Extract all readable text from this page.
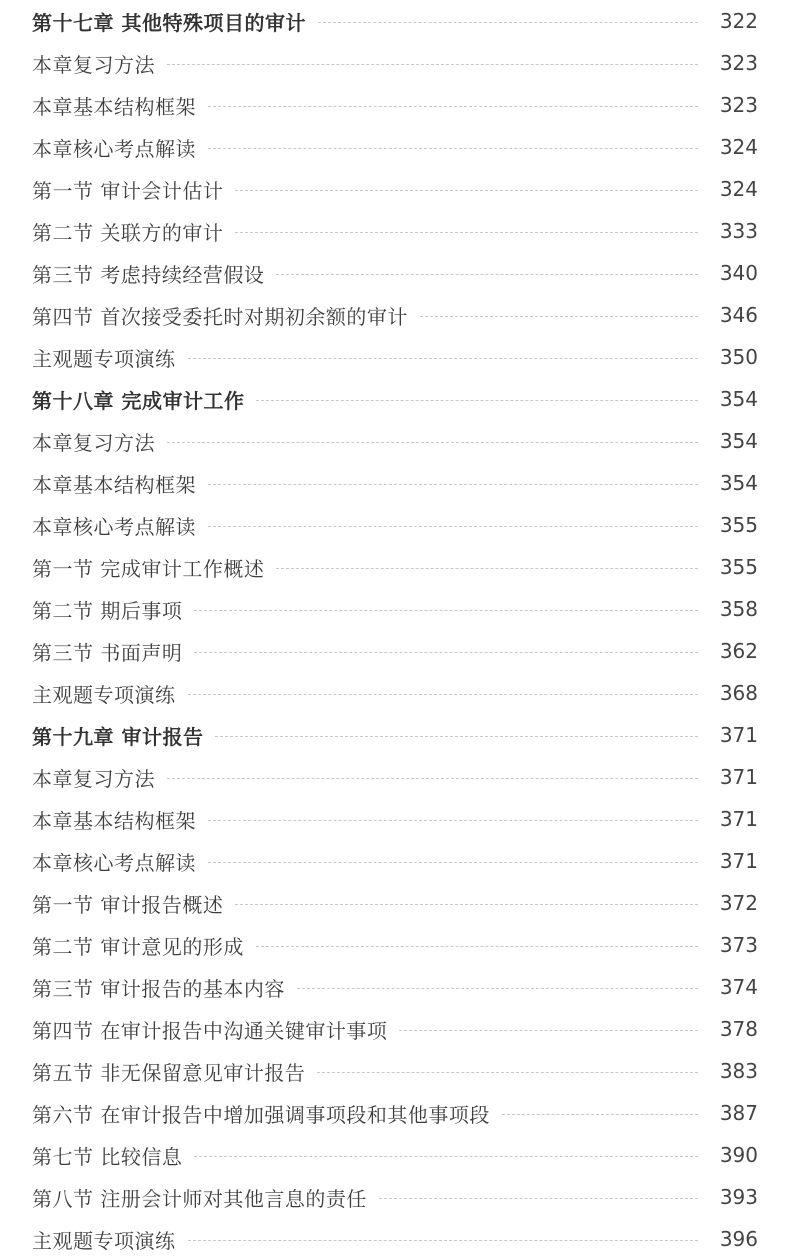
第十七章 其他特殊项目的审计	322
本章复习方法	323
本章基本结构框架	323
本章核心考点解读	324
第一节 审计会计估计	324
第二节 关联方的审计	333
第三节 考虑持续经营假设	340
第四节 首次接受委托时对期初余额的审计	346
主观题专项演练	350
第十八章 完成审计工作	354
本章复习方法	354
本章基本结构框架	354
本章核心考点解读	355
第一节 完成审计工作概述	355
第二节 期后事项	358
第三节 书面声明	362
主观题专项演练	368
第十九章 审计报告	371
本章复习方法	371
本章基本结构框架	371
本章核心考点解读	371
第一节 审计报告概述	372
第二节 审计意见的形成	373
第三节 审计报告的基本内容	374
第四节 在审计报告中沟通关键审计事项	378
第五节 非无保留意见审计报告	383
第六节 在审计报告中增加强调事项段和其他事项段	387
第七节 比较信息	390
第八节 注册会计师对其他言息的责任	393
主观题专项演练	396
